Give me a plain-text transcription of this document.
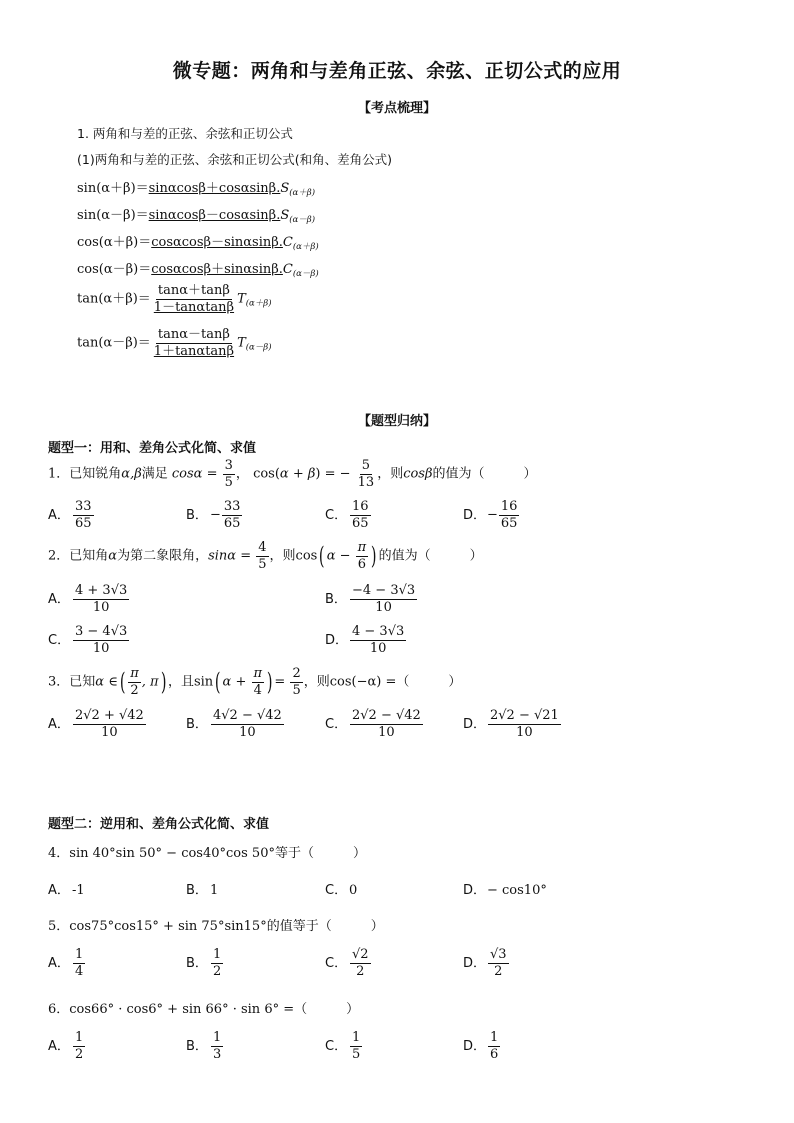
微专题：两角和与差角正弦、余弦、正切公式的应用
【考点梳理】
1. 两角和与差的正弦、余弦和正切公式
(1)两角和与差的正弦、余弦和正切公式(和角、差角公式)
$\sin(\alpha+\beta)=\sin\alpha\cos\beta+\cos\alpha\sin\beta.S_{(\alpha+\beta)}$
$\sin(\alpha-\beta)=\sin\alpha\cos\beta-\cos\alpha\sin\beta.S_{(\alpha-\beta)}$
$\cos(\alpha+\beta)=\cos\alpha\cos\beta-\sin\alpha\sin\beta.C_{(\alpha+\beta)}$
$\cos(\alpha-\beta)=\cos\alpha\cos\beta+\sin\alpha\sin\beta.C_{(\alpha-\beta)}$
$\tan(\alpha+\beta)= \frac{\tan\alpha+\tan\beta}{1-\tan\alpha\tan\beta} T_{(\alpha+\beta)}$
$\tan(\alpha-\beta)= \frac{\tan\alpha-\tan\beta}{1+\tan\alpha\tan\beta} T_{(\alpha-\beta)}$
【题型归纳】
题型一：用和、差角公式化简、求值
1．已知锐角α,β满足 $\cos\alpha = \frac{3}{5}$ ， cos(α + β) = − $\frac{5}{13}$ ，则cosβ的值为（　　　）
A． $\frac{33}{65}$	B． − $\frac{33}{65}$	C． $\frac{16}{65}$	D．− $\frac{16}{65}$
2．已知角α为第二象限角，$\sin\alpha = \frac{4}{5}$ ，则cos( $\alpha - \frac{\pi}{6}$ ) 的值为（　　　）
A． $\frac{4 + 3√3}{10}$	B． $\frac{-4 - 3√3}{10}$
C． $\frac{3 - 4√3}{10}$	D． $\frac{4 - 3√3}{10}$
3．已知α ∈( $\frac{\pi}{2}$ , π) ，且sin( $\alpha + \frac{\pi}{4}$ ) = $\frac{2}{5}$ ，则cos(−α) =（　　　）
A． $\frac{2√2 + √42}{10}$	B． $\frac{4√2 - √42}{10}$	C． $\frac{2√2 - √42}{10}$	D． $\frac{2√2 - √21}{10}$
题型二：逆用和、差角公式化简、求值
4．sin 40°sin 50° − cos40°cos 50°等于（　　　）
A． -1	B． 1	C． 0	D．− cos10°
5．cos75°cos15° + sin 75°sin15°的值等于（　　　）
A． $\frac{1}{4}$	B． $\frac{1}{2}$	C． $\frac{√2}{2}$	D． $\frac{√3}{2}$
6．cos66° · cos6° + sin 66° · sin 6° =（　　　）
A． $\frac{1}{2}$	B． $\frac{1}{3}$	C． $\frac{1}{5}$	D． $\frac{1}{6}$
